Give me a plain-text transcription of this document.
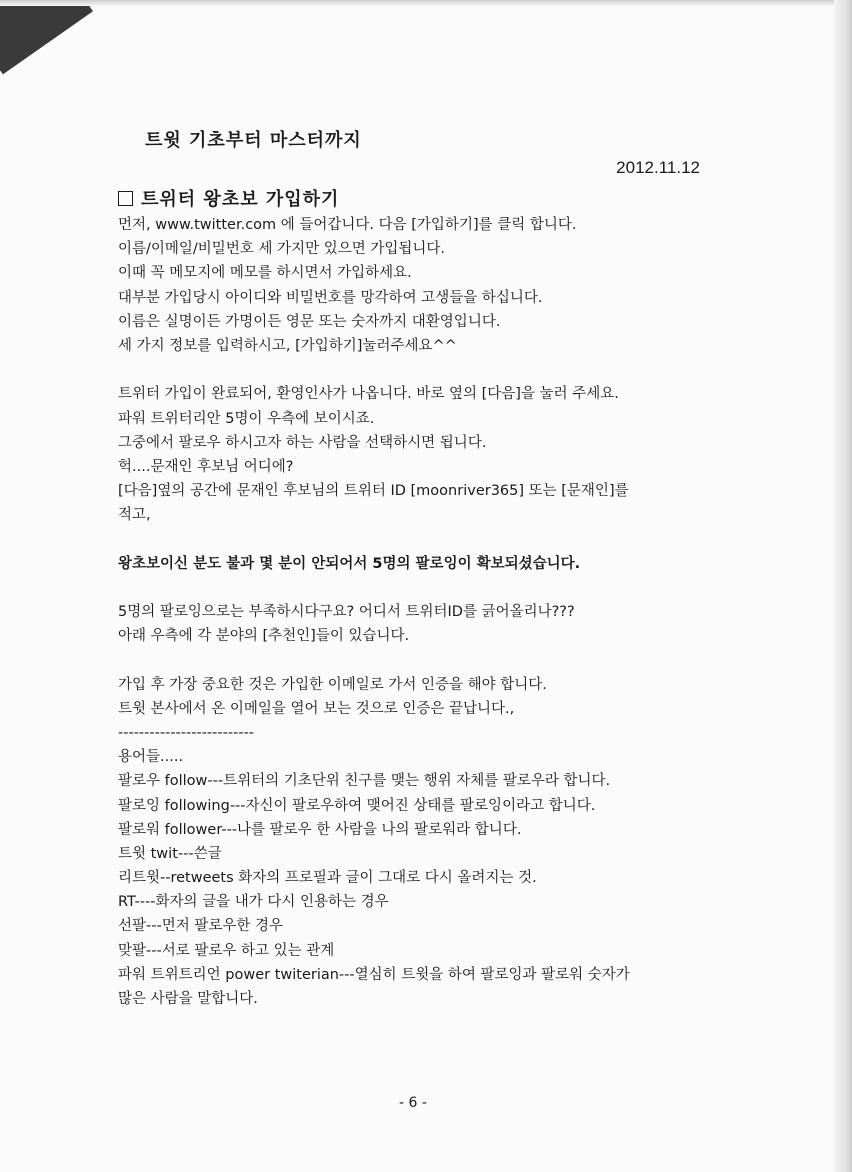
트윗 기초부터 마스터까지
2012.11.12
트위터 왕초보 가입하기
먼저, www.twitter.com 에 들어갑니다. 다음 [가입하기]를 클릭 합니다.
이름/이메일/비밀번호 세 가지만 있으면 가입됩니다.
이때 꼭 메모지에 메모를 하시면서 가입하세요.
대부분 가입당시 아이디와 비밀번호를 망각하여 고생들을 하십니다.
이름은 실명이든 가명이든 영문 또는 숫자까지 대환영입니다.
세 가지 정보를 입력하시고, [가입하기]눌러주세요^^
트위터 가입이 완료되어, 환영인사가 나옵니다. 바로 옆의 [다음]을 눌러 주세요.
파워 트위터리안 5명이 우측에 보이시죠.
그중에서 팔로우 하시고자 하는 사람을 선택하시면 됩니다.
헉....문재인 후보님 어디에?
[다음]옆의 공간에 문재인 후보님의 트위터 ID [moonriver365] 또는 [문재인]를
적고,
왕초보이신 분도 불과 몇 분이 안되어서 5명의 팔로잉이 확보되셨습니다.
5명의 팔로잉으로는 부족하시다구요? 어디서 트위터ID를 긁어올리나???
아래 우측에 각 분야의 [추천인]들이 있습니다.
가입 후 가장 중요한 것은 가입한 이메일로 가서 인증을 해야 합니다.
트윗 본사에서 온 이메일을 열어 보는 것으로 인증은 끝납니다.,
--------------------------
용어들.....
팔로우 follow---트위터의 기초단위 친구를 맺는 행위 자체를 팔로우라 합니다.
팔로잉 following---자신이 팔로우하여 맺어진 상태를 팔로잉이라고 합니다.
팔로워 follower---나를 팔로우 한 사람을 나의 팔로워라 합니다.
트윗 twit---쓴글
리트윗--retweets 화자의 프로필과 글이 그대로 다시 올려지는 것.
RT----화자의 글을 내가 다시 인용하는 경우
선팔---먼저 팔로우한 경우
맞팔---서로 팔로우 하고 있는 관계
파워 트위트리언 power twiterian---열심히 트윗을 하여 팔로잉과 팔로워 숫자가
많은 사람을 말합니다.
- 6 -
